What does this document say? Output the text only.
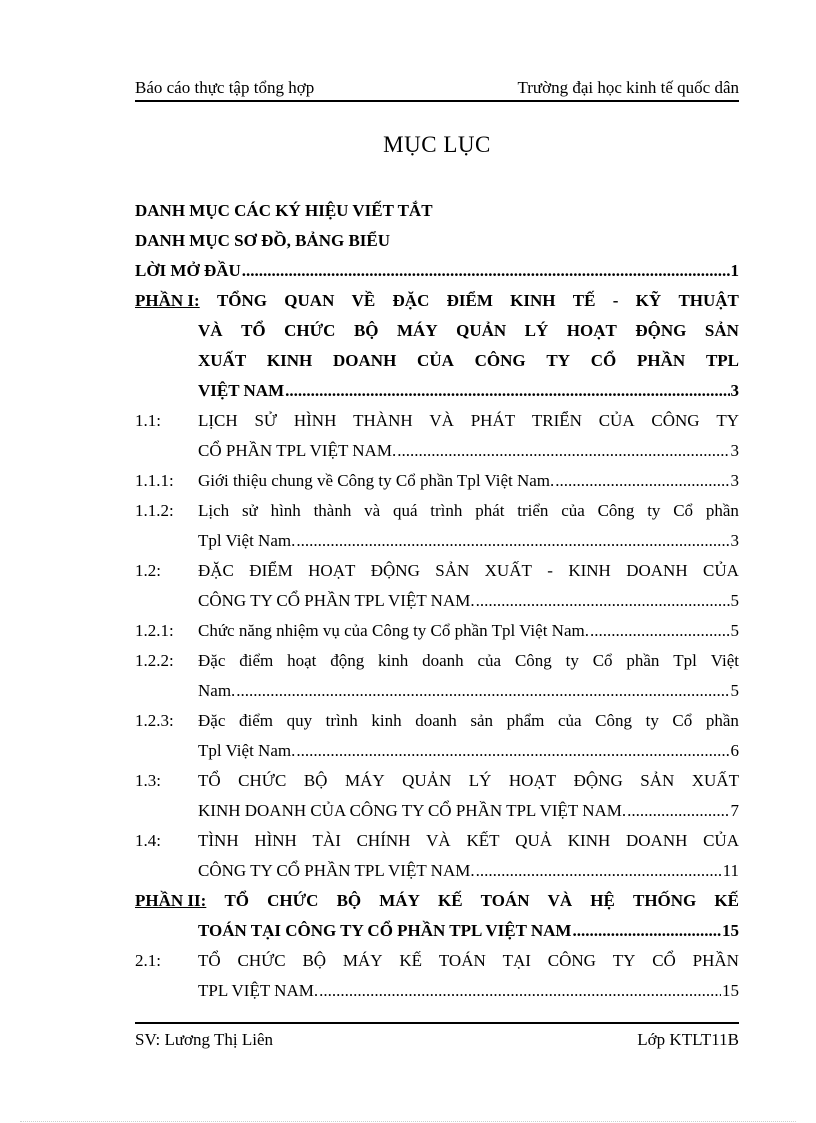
Báo cáo thực tập tổng hợp	Trường đại học kinh tế quốc dân
MỤC LỤC
DANH MỤC CÁC KÝ HIỆU VIẾT TẮT
DANH MỤC SƠ ĐỒ, BẢNG BIỂU
LỜI MỞ ĐẦU .....	1
PHẦN I: TỔNG QUAN VỀ ĐẶC ĐIỂM KINH TẾ - KỸ THUẬT
VÀ TỔ CHỨC BỘ MÁY QUẢN LÝ HOẠT ĐỘNG SẢN
XUẤT KINH DOANH CỦA CÔNG TY CỔ PHẦN TPL
VIỆT NAM .....	3
1.1: LỊCH SỬ HÌNH THÀNH VÀ PHÁT TRIỂN CỦA CÔNG TY
CỔ PHẦN TPL VIỆT NAM. .....	3
1.1.1: Giới thiệu chung về Công ty Cổ phần Tpl Việt Nam. .....	3
1.1.2: Lịch sử hình thành và quá trình phát triển của Công ty Cổ phần
Tpl Việt Nam. .....	3
1.2: ĐẶC ĐIỂM HOẠT ĐỘNG SẢN XUẤT - KINH DOANH CỦA
CÔNG TY CỔ PHẦN TPL VIỆT NAM. .....	5
1.2.1: Chức năng nhiệm vụ của Công ty Cổ phần Tpl Việt Nam. .....	5
1.2.2: Đặc điểm hoạt động kinh doanh của Công ty Cổ phần Tpl Việt
Nam. .....	5
1.2.3: Đặc điểm quy trình kinh doanh sản phẩm của Công ty Cổ phần
Tpl Việt Nam. .....	6
1.3: TỔ CHỨC BỘ MÁY QUẢN LÝ HOẠT ĐỘNG SẢN XUẤT
KINH DOANH CỦA CÔNG TY CỔ PHẦN TPL VIỆT NAM. .....	7
1.4: TÌNH HÌNH TÀI CHÍNH VÀ KẾT QUẢ KINH DOANH CỦA
CÔNG TY CỔ PHẦN TPL VIỆT NAM. .....	11
PHẦN II: TỔ CHỨC BỘ MÁY KẾ TOÁN VÀ HỆ THỐNG KẾ
TOÁN TẠI CÔNG TY CỔ PHẦN TPL VIỆT NAM .....	15
2.1: TỔ CHỨC BỘ MÁY KẾ TOÁN TẠI CÔNG TY CỔ PHẦN
TPL VIỆT NAM. .....	15
SV: Lương Thị Liên	Lớp KTLT11B
